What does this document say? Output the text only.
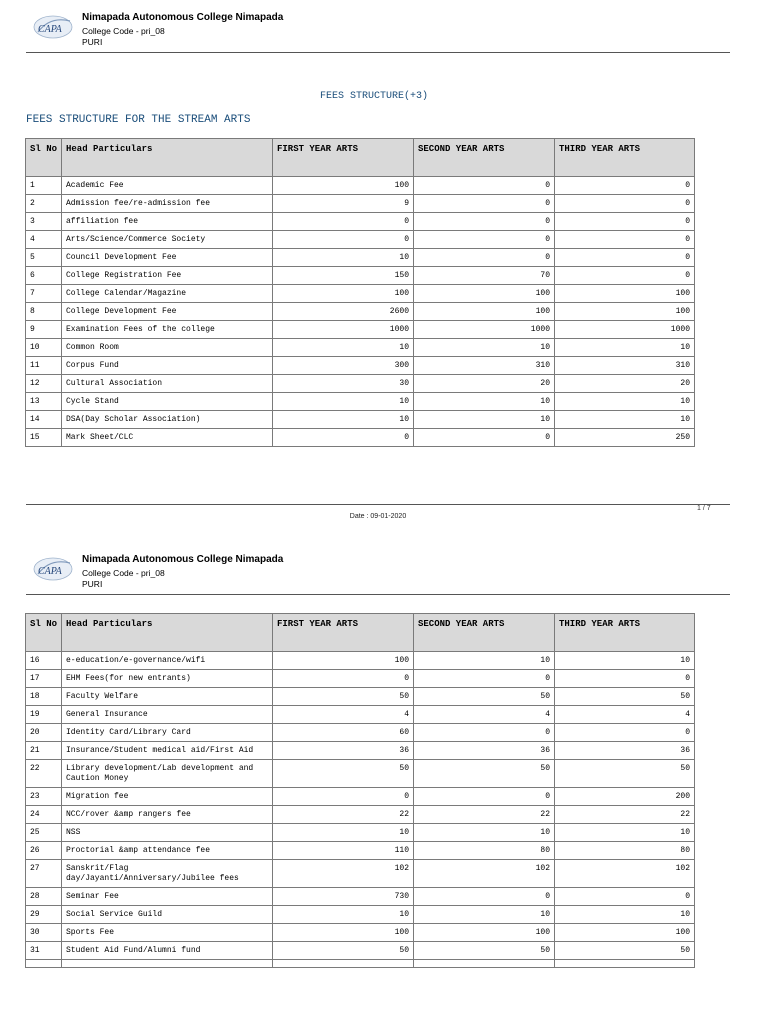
CAPA
Nimapada Autonomous College Nimapada
College Code - pri_08
PURI
FEES STRUCTURE(+3)
FEES STRUCTURE FOR THE STREAM ARTS
Sl No	Head Particulars	FIRST YEAR ARTS	SECOND YEAR ARTS	THIRD YEAR ARTS
1	Academic Fee	100	0	0
2	Admission fee/re-admission fee	9	0	0
3	affiliation fee	0	0	0
4	Arts/Science/Commerce Society	0	0	0
5	Council Development Fee	10	0	0
6	College Registration Fee	150	70	0
7	College Calendar/Magazine	100	100	100
8	College Development Fee	2600	100	100
9	Examination Fees of the college	1000	1000	1000
10	Common Room	10	10	10
11	Corpus Fund	300	310	310
12	Cultural Association	30	20	20
13	Cycle Stand	10	10	10
14	DSA(Day Scholar Association)	10	10	10
15	Mark Sheet/CLC	0	0	250
1 / 7
Date : 09-01-2020
CAPA
Nimapada Autonomous College Nimapada
College Code - pri_08
PURI
Sl No	Head Particulars	FIRST YEAR ARTS	SECOND YEAR ARTS	THIRD YEAR ARTS
16	e-education/e-governance/wifi	100	10	10
17	EHM Fees(for new entrants)	0	0	0
18	Faculty Welfare	50	50	50
19	General Insurance	4	4	4
20	Identity Card/Library Card	60	0	0
21	Insurance/Student medical aid/First Aid	36	36	36
22	Library development/Lab development and Caution Money	50	50	50
23	Migration fee	0	0	200
24	NCC/rover &amp rangers fee	22	22	22
25	NSS	10	10	10
26	Proctorial &amp attendance fee	110	80	80
27	Sanskrit/Flag day/Jayanti/Anniversary/Jubilee fees	102	102	102
28	Seminar Fee	730	0	0
29	Social Service Guild	10	10	10
30	Sports Fee	100	100	100
31	Student Aid Fund/Alumni fund	50	50	50
